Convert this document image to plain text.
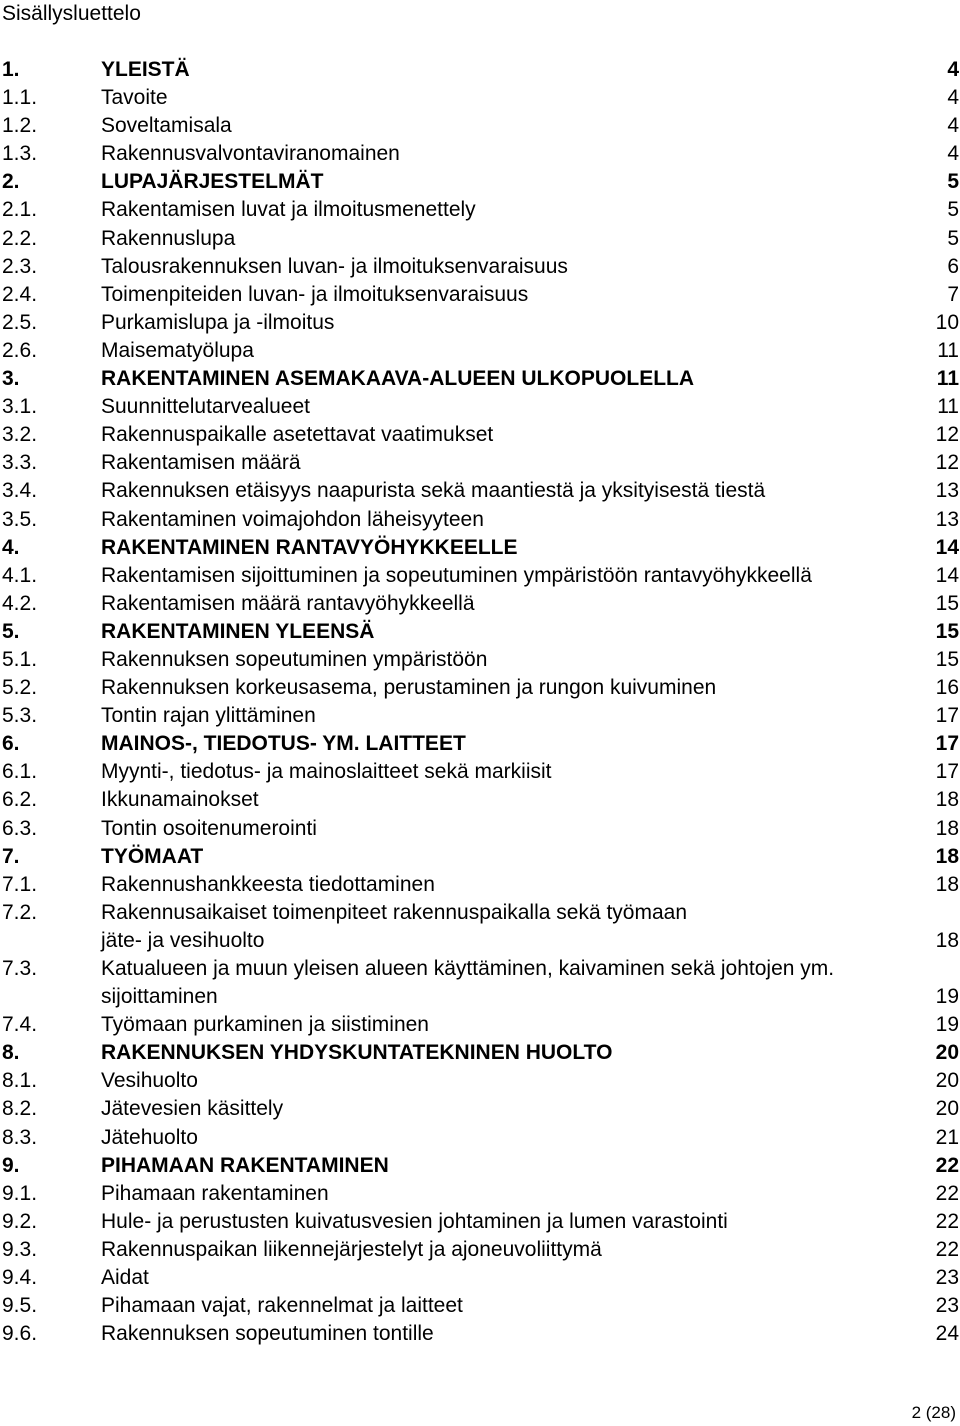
Sisällysluettelo
1.	YLEISTÄ	4
1.1.	Tavoite	4
1.2.	Soveltamisala	4
1.3.	Rakennusvalvontaviranomainen	4
2.	LUPAJÄRJESTELMÄT	5
2.1.	Rakentamisen luvat ja ilmoitusmenettely	5
2.2.	Rakennuslupa	5
2.3.	Talousrakennuksen luvan- ja ilmoituksenvaraisuus	6
2.4.	Toimenpiteiden luvan- ja ilmoituksenvaraisuus	7
2.5.	Purkamislupa ja -ilmoitus	10
2.6.	Maisematyölupa	11
3.	RAKENTAMINEN ASEMAKAAVA-ALUEEN ULKOPUOLELLA	11
3.1.	Suunnittelutarvealueet	11
3.2.	Rakennuspaikalle asetettavat vaatimukset	12
3.3.	Rakentamisen määrä	12
3.4.	Rakennuksen etäisyys naapurista sekä maantiestä ja yksityisestä tiestä	13
3.5.	Rakentaminen voimajohdon läheisyyteen	13
4.	RAKENTAMINEN RANTAVYÖHYKKEELLE	14
4.1.	Rakentamisen sijoittuminen ja sopeutuminen ympäristöön rantavyöhykkeellä	14
4.2.	Rakentamisen määrä rantavyöhykkeellä	15
5.	RAKENTAMINEN YLEENSÄ	15
5.1.	Rakennuksen sopeutuminen ympäristöön	15
5.2.	Rakennuksen korkeusasema, perustaminen ja rungon kuivuminen	16
5.3.	Tontin rajan ylittäminen	17
6.	MAINOS-, TIEDOTUS- YM. LAITTEET	17
6.1.	Myynti-, tiedotus- ja mainoslaitteet sekä markiisit	17
6.2.	Ikkunamainokset	18
6.3.	Tontin osoitenumerointi	18
7.	TYÖMAAT	18
7.1.	Rakennushankkeesta tiedottaminen	18
7.2.	Rakennusaikaiset toimenpiteet rakennuspaikalla sekä työmaan
jäte- ja vesihuolto	18
7.3.	Katualueen ja muun yleisen alueen käyttäminen, kaivaminen sekä johtojen ym.
sijoittaminen	19
7.4.	Työmaan purkaminen ja siistiminen	19
8.	RAKENNUKSEN YHDYSKUNTATEKNINEN HUOLTO	20
8.1.	Vesihuolto	20
8.2.	Jätevesien käsittely	20
8.3.	Jätehuolto	21
9.	PIHAMAAN RAKENTAMINEN	22
9.1.	Pihamaan rakentaminen	22
9.2.	Hule- ja perustusten kuivatusvesien johtaminen ja lumen varastointi	22
9.3.	Rakennuspaikan liikennejärjestelyt ja ajoneuvoliittymä	22
9.4.	Aidat	23
9.5.	Pihamaan vajat, rakennelmat ja laitteet	23
9.6.	Rakennuksen sopeutuminen tontille	24
2 (28)
